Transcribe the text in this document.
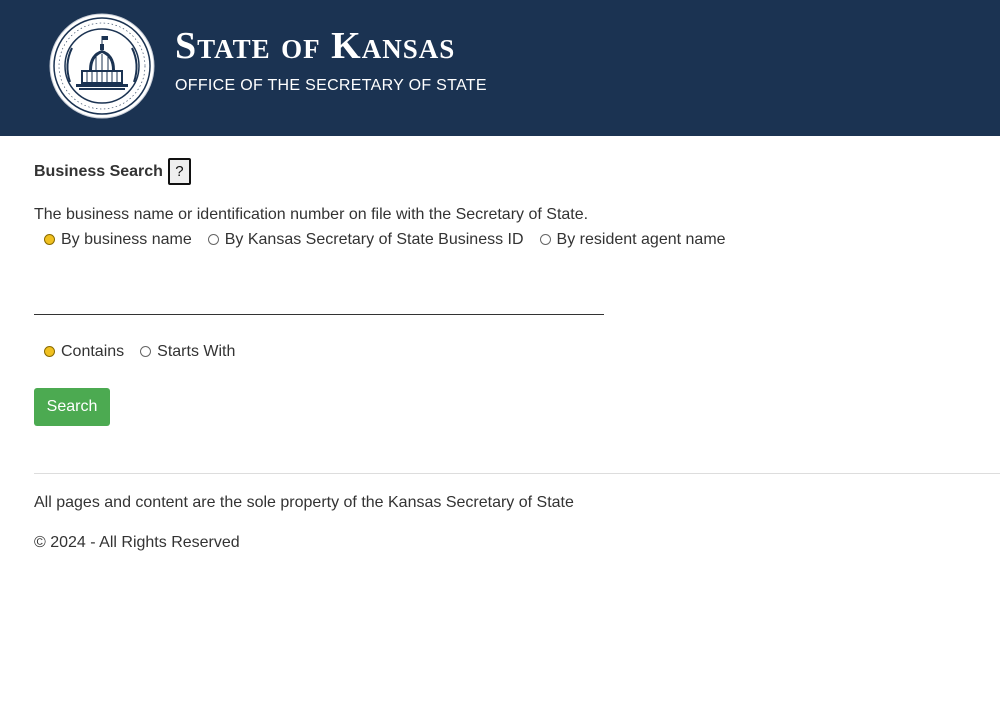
State of Kansas
OFFICE OF THE SECRETARY OF STATE
Business Search ?
The business name or identification number on file with the Secretary of State.
By business name By Kansas Secretary of State Business ID By resident agent name
Contains Starts With
Search
All pages and content are the sole property of the Kansas Secretary of State
© 2024 - All Rights Reserved
